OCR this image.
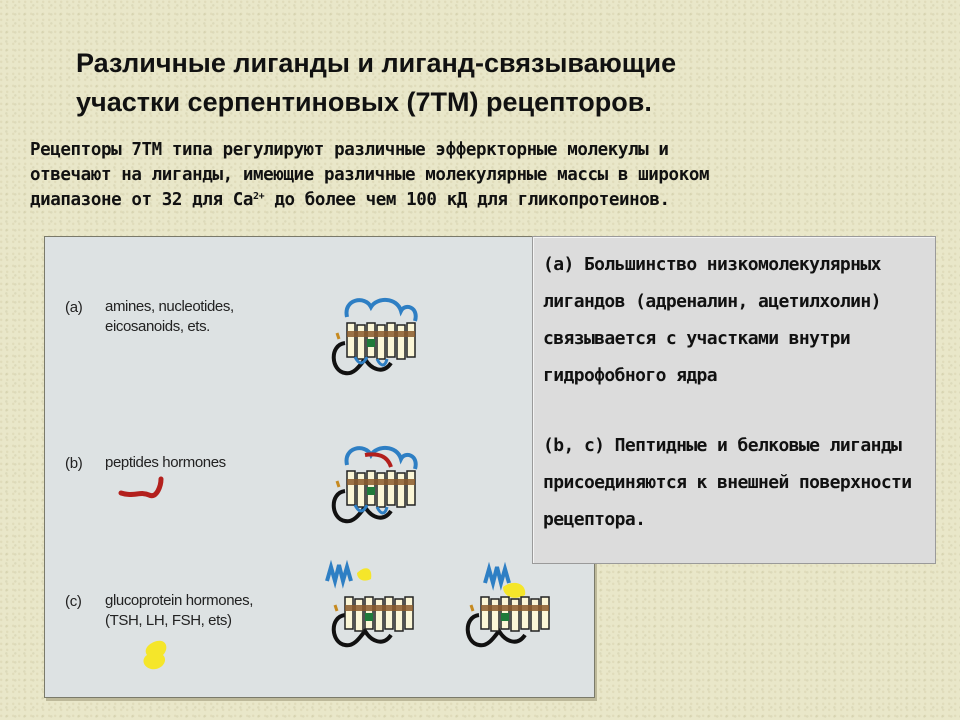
Различные лиганды и лиганд-связывающие
участки серпентиновых (7ТМ) рецепторов.
Рецепторы 7ТМ типа регулируют различные эфферкторные молекулы и
отвечают на лиганды, имеющие различные молекулярные массы в широком
диапазоне от 32 для $Ca^{2+}$ до более чем 100 кД для гликопротеинов.
(a) amines, nucleotides,
eicosanoids, ets.
(b) peptides hormones
(c) glucoprotein hormones,
(TSH, LH, FSH, ets)

(a) Большинство низкомолекулярных лигандов (адреналин, ацетилхолин) связывается с участками внутри гидрофобного ядра

(b, c) Пептидные и белковые лиганды присоединяются к внешней поверхности рецептора.
